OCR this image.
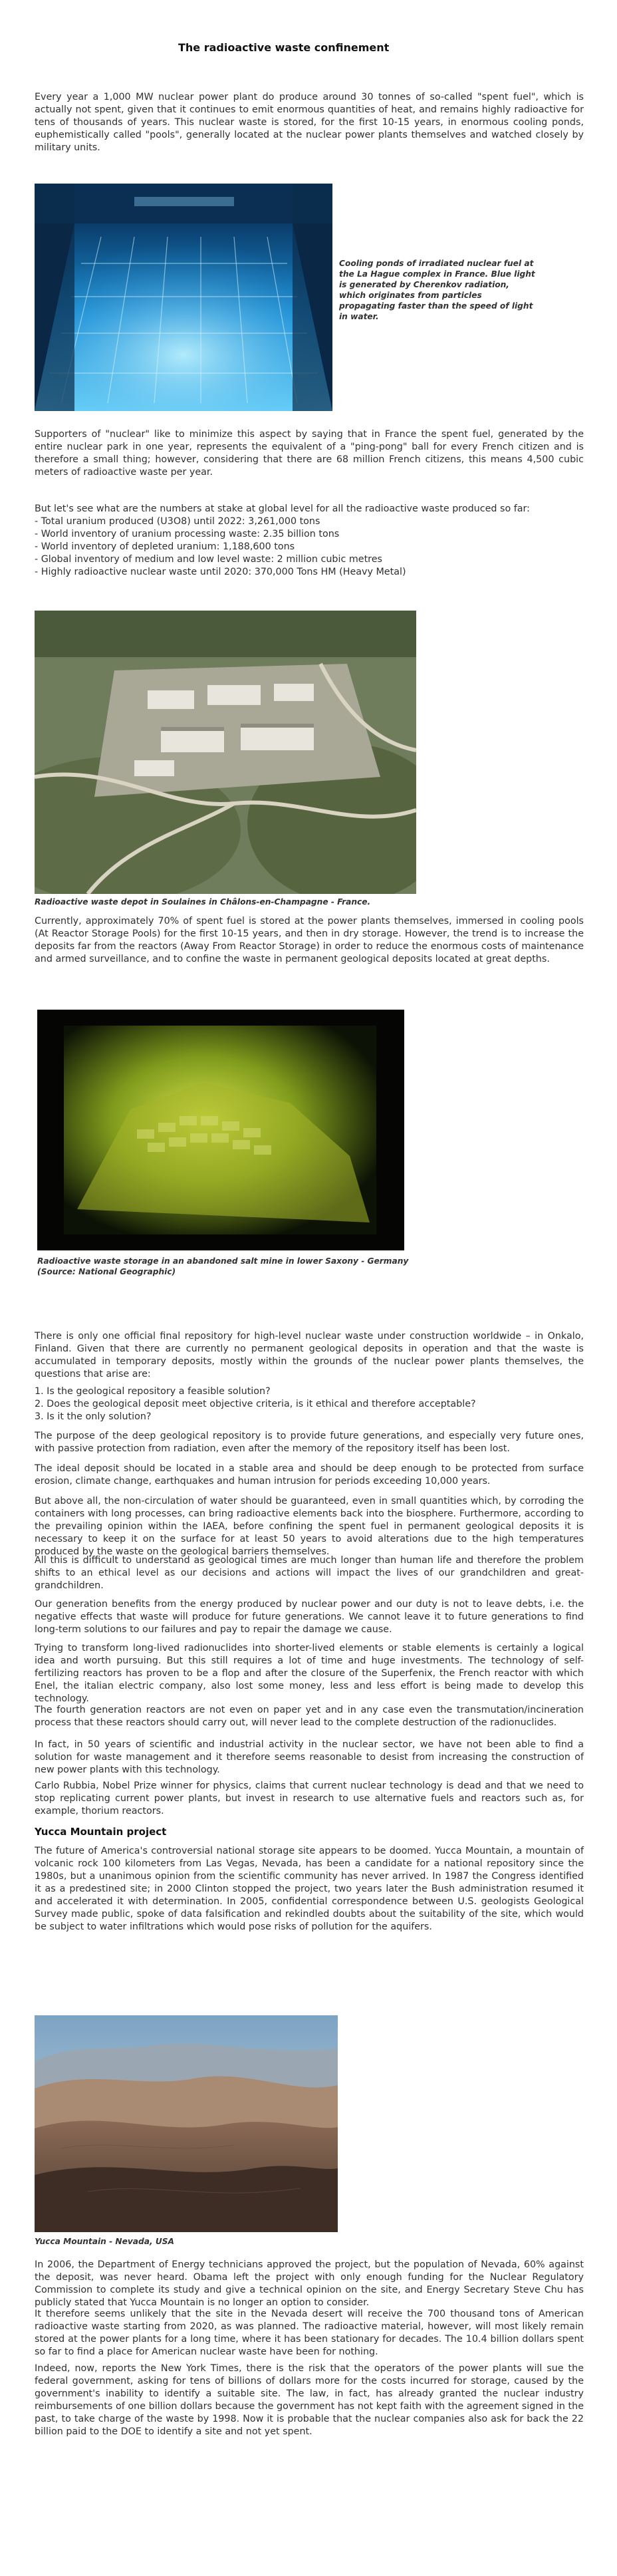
The radioactive waste confinement
Every year a 1,000 MW nuclear power plant do produce around 30 tonnes of so-called "spent fuel", which is actually not spent, given that it continues to emit enormous quantities of heat, and remains highly radioactive for tens of thousands of years. This nuclear waste is stored, for the first 10-15 years, in enormous cooling ponds, euphemistically called "pools", generally located at the nuclear power plants themselves and watched closely by military units.
Cooling ponds of irradiated nuclear fuel at the La Hague complex in France. Blue light is generated by Cherenkov radiation, which originates from particles propagating faster than the speed of light in water.
Supporters of "nuclear" like to minimize this aspect by saying that in France the spent fuel, generated by the entire nuclear park in one year, represents the equivalent of a "ping-pong" ball for every French citizen and is therefore a small thing; however, considering that there are 68 million French citizens, this means 4,500 cubic meters of radioactive waste per year.
But let's see what are the numbers at stake at global level for all the radioactive waste produced so far:
- Total uranium produced (U3O8) until 2022: 3,261,000 tons
- World inventory of uranium processing waste: 2.35 billion tons
- World inventory of depleted uranium: 1,188,600 tons
- Global inventory of medium and low level waste: 2 million cubic metres
- Highly radioactive nuclear waste until 2020: 370,000 Tons HM (Heavy Metal)
Radioactive waste depot in Soulaines in Châlons-en-Champagne - France.
Currently, approximately 70% of spent fuel is stored at the power plants themselves, immersed in cooling pools (At Reactor Storage Pools) for the first 10-15 years, and then in dry storage. However, the trend is to increase the deposits far from the reactors (Away From Reactor Storage) in order to reduce the enormous costs of maintenance and armed surveillance, and to confine the waste in permanent geological deposits located at great depths.
Radioactive waste storage in an abandoned salt mine in lower Saxony - Germany
(Source: National Geographic)
There is only one official final repository for high-level nuclear waste under construction worldwide – in Onkalo, Finland. Given that there are currently no permanent geological deposits in operation and that the waste is accumulated in temporary deposits, mostly within the grounds of the nuclear power plants themselves, the questions that arise are:
1. Is the geological repository a feasible solution?
2. Does the geological deposit meet objective criteria, is it ethical and therefore acceptable?
3. Is it the only solution?
The purpose of the deep geological repository is to provide future generations, and especially very future ones, with passive protection from radiation, even after the memory of the repository itself has been lost.
The ideal deposit should be located in a stable area and should be deep enough to be protected from surface erosion, climate change, earthquakes and human intrusion for periods exceeding 10,000 years.
But above all, the non-circulation of water should be guaranteed, even in small quantities which, by corroding the containers with long processes, can bring radioactive elements back into the biosphere. Furthermore, according to the prevailing opinion within the IAEA, before confining the spent fuel in permanent geological deposits it is necessary to keep it on the surface for at least 50 years to avoid alterations due to the high temperatures produced by the waste on the geological barriers themselves.
All this is difficult to understand as geological times are much longer than human life and therefore the problem shifts to an ethical level as our decisions and actions will impact the lives of our grandchildren and great-grandchildren.
Our generation benefits from the energy produced by nuclear power and our duty is not to leave debts, i.e. the negative effects that waste will produce for future generations. We cannot leave it to future generations to find long-term solutions to our failures and pay to repair the damage we cause.
Trying to transform long-lived radionuclides into shorter-lived elements or stable elements is certainly a logical idea and worth pursuing. But this still requires a lot of time and huge investments. The technology of self-fertilizing reactors has proven to be a flop and after the closure of the Superfenix, the French reactor with which Enel, the italian electric company, also lost some money, less and less effort is being made to develop this technology.
The fourth generation reactors are not even on paper yet and in any case even the transmutation/incineration process that these reactors should carry out, will never lead to the complete destruction of the radionuclides.
In fact, in 50 years of scientific and industrial activity in the nuclear sector, we have not been able to find a solution for waste management and it therefore seems reasonable to desist from increasing the construction of new power plants with this technology.
Carlo Rubbia, Nobel Prize winner for physics, claims that current nuclear technology is dead and that we need to stop replicating current power plants, but invest in research to use alternative fuels and reactors such as, for example, thorium reactors.
Yucca Mountain project
The future of America's controversial national storage site appears to be doomed. Yucca Mountain, a mountain of volcanic rock 100 kilometers from Las Vegas, Nevada, has been a candidate for a national repository since the 1980s, but a unanimous opinion from the scientific community has never arrived. In 1987 the Congress identified it as a predestined site; in 2000 Clinton stopped the project, two years later the Bush administration resumed it and accelerated it with determination. In 2005, confidential correspondence between U.S. geologists Geological Survey made public, spoke of data falsification and rekindled doubts about the suitability of the site, which would be subject to water infiltrations which would pose risks of pollution for the aquifers.
Yucca Mountain - Nevada, USA
In 2006, the Department of Energy technicians approved the project, but the population of Nevada, 60% against the deposit, was never heard. Obama left the project with only enough funding for the Nuclear Regulatory Commission to complete its study and give a technical opinion on the site, and Energy Secretary Steve Chu has publicly stated that Yucca Mountain is no longer an option to consider.
It therefore seems unlikely that the site in the Nevada desert will receive the 700 thousand tons of American radioactive waste starting from 2020, as was planned. The radioactive material, however, will most likely remain stored at the power plants for a long time, where it has been stationary for decades. The 10.4 billion dollars spent so far to find a place for American nuclear waste have been for nothing.
Indeed, now, reports the New York Times, there is the risk that the operators of the power plants will sue the federal government, asking for tens of billions of dollars more for the costs incurred for storage, caused by the government's inability to identify a suitable site. The law, in fact, has already granted the nuclear industry reimbursements of one billion dollars because the government has not kept faith with the agreement signed in the past, to take charge of the waste by 1998. Now it is probable that the nuclear companies also ask for back the 22 billion paid to the DOE to identify a site and not yet spent.
